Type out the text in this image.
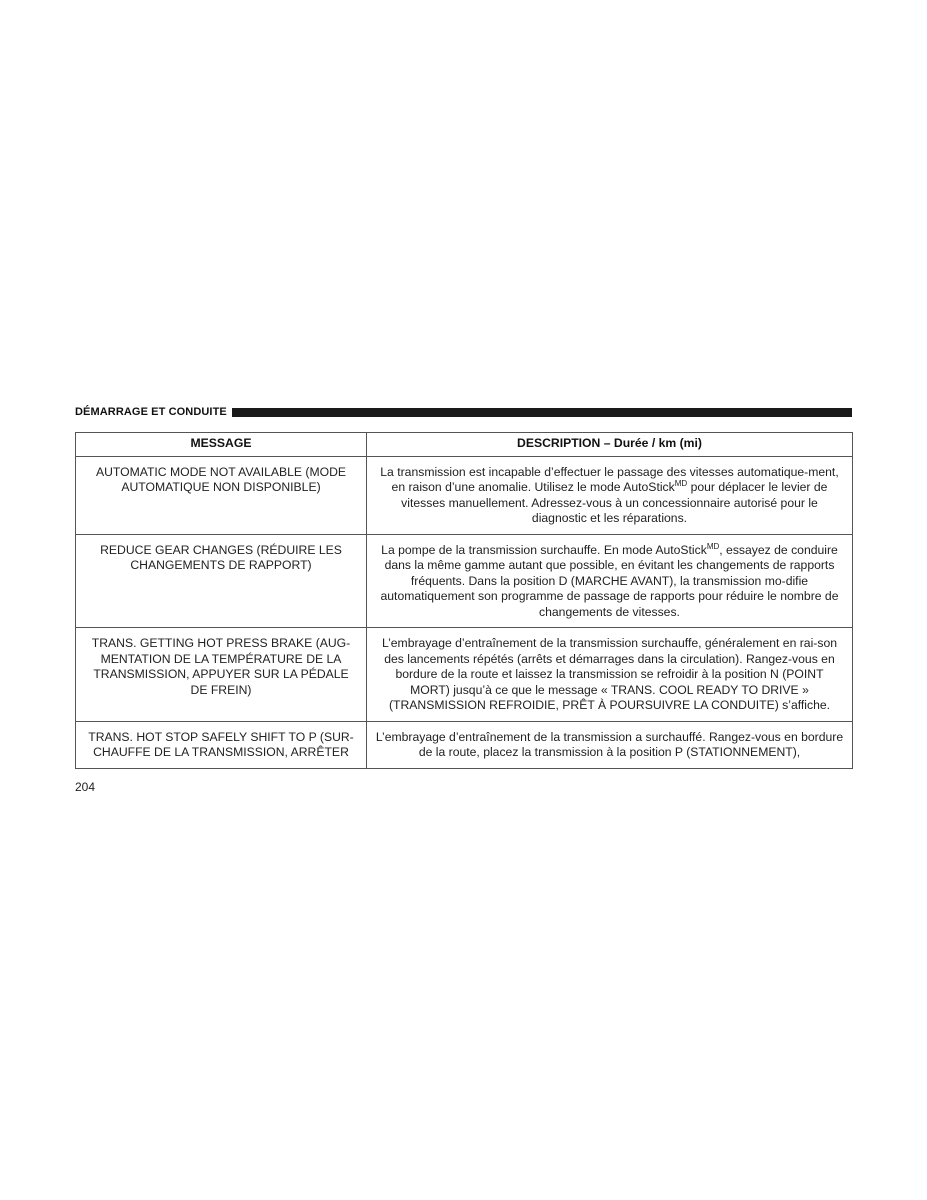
DÉMARRAGE ET CONDUITE
MESSAGE	DESCRIPTION – Durée / km (mi)
AUTOMATIC MODE NOT AVAILABLE (MODE AUTOMATIQUE NON DISPONIBLE)	La transmission est incapable d’effectuer le passage des vitesses automatique-ment, en raison d’une anomalie. Utilisez le mode AutoStick$^{MD}$ pour déplacer le levier de vitesses manuellement. Adressez-vous à un concessionnaire autorisé pour le diagnostic et les réparations.
REDUCE GEAR CHANGES (RÉDUIRE LES CHANGEMENTS DE RAPPORT)	La pompe de la transmission surchauffe. En mode AutoStick$^{MD}$, essayez de conduire dans la même gamme autant que possible, en évitant les changements de rapports fréquents. Dans la position D (MARCHE AVANT), la transmission mo-difie automatiquement son programme de passage de rapports pour réduire le nombre de changements de vitesses.
TRANS. GETTING HOT PRESS BRAKE (AUG-MENTATION DE LA TEMPÉRATURE DE LA TRANSMISSION, APPUYER SUR LA PÉDALE DE FREIN)	L’embrayage d’entraînement de la transmission surchauffe, généralement en rai-son des lancements répétés (arrêts et démarrages dans la circulation). Rangez-vous en bordure de la route et laissez la transmission se refroidir à la position N (POINT MORT) jusqu’à ce que le message « TRANS. COOL READY TO DRIVE » (TRANSMISSION REFROIDIE, PRÊT À POURSUIVRE LA CONDUITE) s’affiche.
TRANS. HOT STOP SAFELY SHIFT TO P (SUR-CHAUFFE DE LA TRANSMISSION, ARRÊTER	L’embrayage d’entraînement de la transmission a surchauffé. Rangez-vous en bordure de la route, placez la transmission à la position P (STATIONNEMENT),
204
